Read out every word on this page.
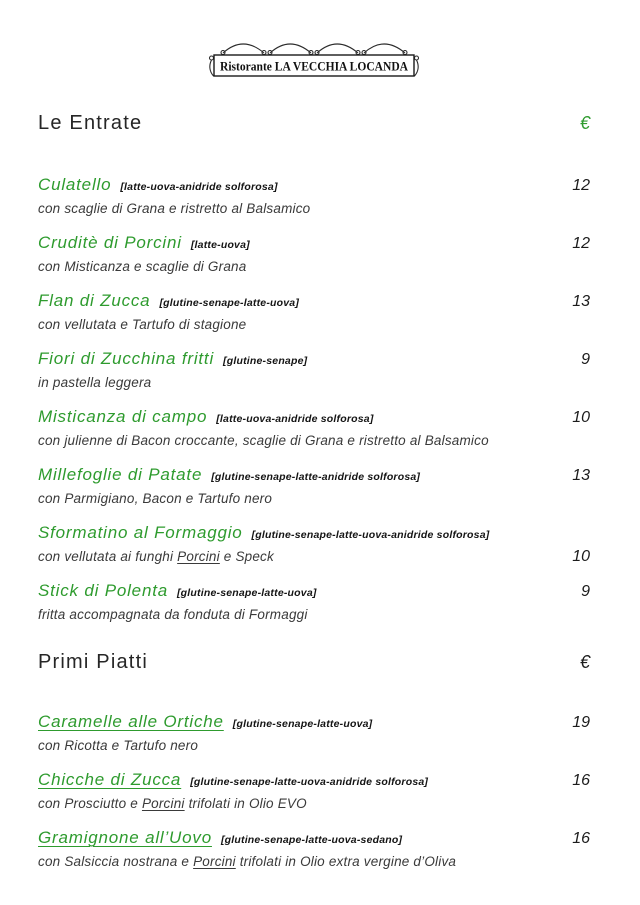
Ristorante LA VECCHIA LOCANDA
Le Entrate	€
Culatello [latte-uova-anidride solforosa]	12
con scaglie di Grana e ristretto al Balsamico
Cruditè di Porcini [latte-uova]	12
con Misticanza e scaglie di Grana
Flan di Zucca [glutine-senape-latte-uova]	13
con vellutata e Tartufo di stagione
Fiori di Zucchina fritti [glutine-senape]	9
in pastella leggera
Misticanza di campo [latte-uova-anidride solforosa]	10
con julienne di Bacon croccante, scaglie di Grana e ristretto al Balsamico
Millefoglie di Patate [glutine-senape-latte-anidride solforosa]	13
con Parmigiano, Bacon e Tartufo nero
Sformatino al Formaggio [glutine-senape-latte-uova-anidride solforosa]
con vellutata ai funghi Porcini e Speck	10
Stick di Polenta [glutine-senape-latte-uova]	9
fritta accompagnata da fonduta di Formaggi
Primi Piatti	€
Caramelle alle Ortiche [glutine-senape-latte-uova]	19
con Ricotta e Tartufo nero
Chicche di Zucca [glutine-senape-latte-uova-anidride solforosa]	16
con Prosciutto e Porcini trifolati in Olio EVO
Gramignone all’Uovo [glutine-senape-latte-uova-sedano]	16
con Salsiccia nostrana e Porcini trifolati in Olio extra vergine d’Oliva
